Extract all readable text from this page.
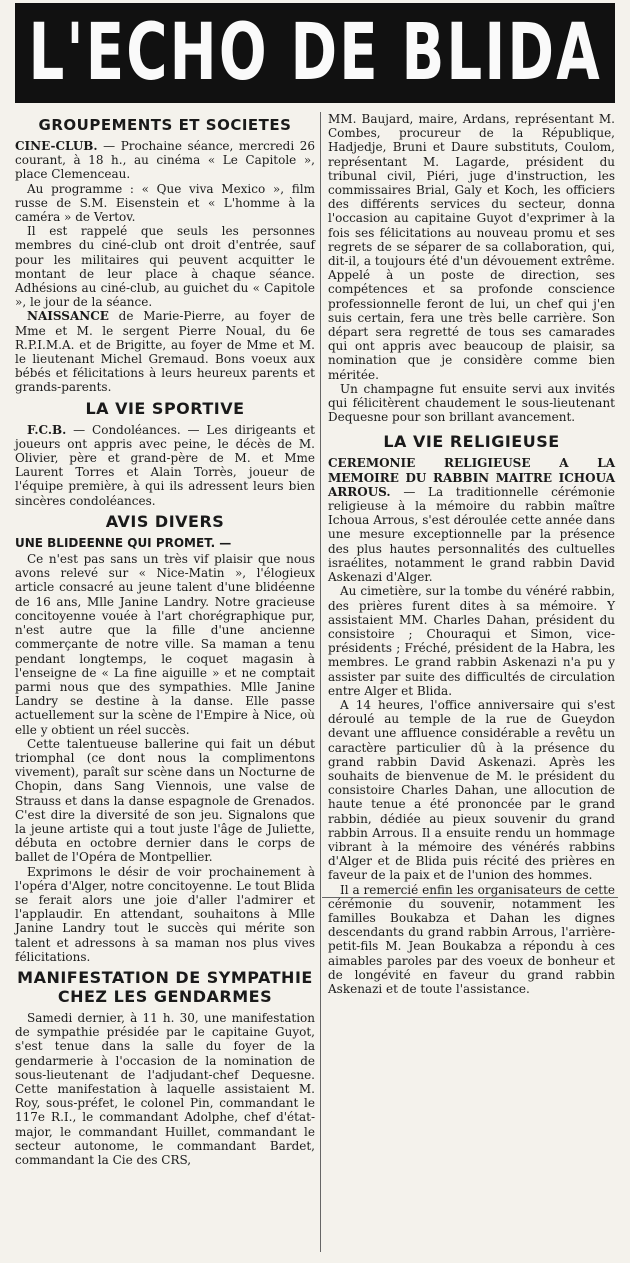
L'ECHO DE BLIDA
GROUPEMENTS ET SOCIETES

CINE-CLUB. — Prochaine séance, mercredi 26 courant, à 18 h., au cinéma « Le Capitole », place Clemenceau.

Au programme : « Que viva Mexico », film russe de S.M. Eisenstein et « L'homme à la caméra » de Vertov.

Il est rappelé que seuls les personnes membres du ciné-club ont droit d'entrée, sauf pour les militaires qui peuvent acquitter le montant de leur place à chaque séance. Adhésions au ciné-club, au guichet du « Capitole », le jour de la séance.

NAISSANCE de Marie-Pierre, au foyer de Mme et M. le sergent Pierre Noual, du 6e R.P.I.M.A. et de Brigitte, au foyer de Mme et M. le lieutenant Michel Gremaud. Bons voeux aux bébés et félicitations à leurs heureux parents et grands-parents.

LA VIE SPORTIVE

F.C.B. — Condoléances. — Les dirigeants et joueurs ont appris avec peine, le décès de M. Olivier, père et grand-père de M. et Mme Laurent Torres et Alain Torrès, joueur de l'équipe première, à qui ils adressent leurs bien sincères condoléances.

AVIS DIVERS
UNE BLIDEENNE QUI PROMET. —

Ce n'est pas sans un très vif plaisir que nous avons relevé sur « Nice-Matin », l'élogieux article consacré au jeune talent d'une blidéenne de 16 ans, Mlle Janine Landry. Notre gracieuse concitoyenne vouée à l'art chorégraphique pur, n'est autre que la fille d'une ancienne commerçante de notre ville. Sa maman a tenu pendant longtemps, le coquet magasin à l'enseigne de « La fine aiguille » et ne comptait parmi nous que des sympathies. Mlle Janine Landry se destine à la danse. Elle passe actuellement sur la scène de l'Empire à Nice, où elle y obtient un réel succès.

Cette talentueuse ballerine qui fait un début triomphal (ce dont nous la complimentons vivement), paraît sur scène dans un Nocturne de Chopin, dans Sang Viennois, une valse de Strauss et dans la danse espagnole de Grenados. C'est dire la diversité de son jeu. Signalons que la jeune artiste qui a tout juste l'âge de Juliette, débuta en octobre dernier dans le corps de ballet de l'Opéra de Montpellier.

Exprimons le désir de voir prochainement à l'opéra d'Alger, notre concitoyenne. Le tout Blida se ferait alors une joie d'aller l'admirer et l'applaudir. En attendant, souhaitons à Mlle Janine Landry tout le succès qui mérite son talent et adressons à sa maman nos plus vives félicitations.

MANIFESTATION DE SYMPATHIE
CHEZ LES GENDARMES

Samedi dernier, à 11 h. 30, une manifestation de sympathie présidée par le capitaine Guyot, s'est tenue dans la salle du foyer de la gendarmerie à l'occasion de la nomination de sous-lieutenant de l'adjudant-chef Dequesne. Cette manifestation à laquelle assistaient M. Roy, sous-préfet, le colonel Pin, commandant le 117e R.I., le commandant Adolphe, chef d'état-major, le commandant Huillet, commandant le secteur autonome, le commandant Bardet, commandant la Cie des CRS,

MM. Baujard, maire, Ardans, représentant M. Combes, procureur de la République, Hadjedje, Bruni et Daure substituts, Coulom, représentant M. Lagarde, président du tribunal civil, Piéri, juge d'instruction, les commissaires Brial, Galy et Koch, les officiers des différents services du secteur, donna l'occasion au capitaine Guyot d'exprimer à la fois ses félicitations au nouveau promu et ses regrets de se séparer de sa collaboration, qui, dit-il, a toujours été d'un dévouement extrême. Appelé à un poste de direction, ses compétences et sa profonde conscience professionnelle feront de lui, un chef qui j'en suis certain, fera une très belle carrière. Son départ sera regretté de tous ses camarades qui ont appris avec beaucoup de plaisir, sa nomination que je considère comme bien méritée.

Un champagne fut ensuite servi aux invités qui félicitèrent chaudement le sous-lieutenant Dequesne pour son brillant avancement.

LA VIE RELIGIEUSE

CEREMONIE RELIGIEUSE A LA MEMOIRE DU RABBIN MAITRE ICHOUA ARROUS. — La traditionnelle cérémonie religieuse à la mémoire du rabbin maître Ichoua Arrous, s'est déroulée cette année dans une mesure exceptionnelle par la présence des plus hautes personnalités des cultuelles israélites, notamment le grand rabbin David Askenazi d'Alger.

Au cimetière, sur la tombe du vénéré rabbin, des prières furent dites à sa mémoire. Y assistaient MM. Charles Dahan, président du consistoire ; Chouraqui et Simon, vice-présidents ; Fréché, président de la Habra, les membres. Le grand rabbin Askenazi n'a pu y assister par suite des difficultés de circulation entre Alger et Blida.

A 14 heures, l'office anniversaire qui s'est déroulé au temple de la rue de Gueydon devant une affluence considérable a revêtu un caractère particulier dû à la présence du grand rabbin David Askenazi. Après les souhaits de bienvenue de M. le président du consistoire Charles Dahan, une allocution de haute tenue a été prononcée par le grand rabbin, dédiée au pieux souvenir du grand rabbin Arrous. Il a ensuite rendu un hommage vibrant à la mémoire des vénérés rabbins d'Alger et de Blida puis récité des prières en faveur de la paix et de l'union des hommes.

Il a remercié enfin les organisateurs de cette cérémonie du souvenir, notamment les familles Boukabza et Dahan les dignes descendants du grand rabbin Arrous, l'arrière-petit-fils M. Jean Boukabza a répondu à ces aimables paroles par des voeux de bonheur et de longévité en faveur du grand rabbin Askenazi et de toute l'assistance.
